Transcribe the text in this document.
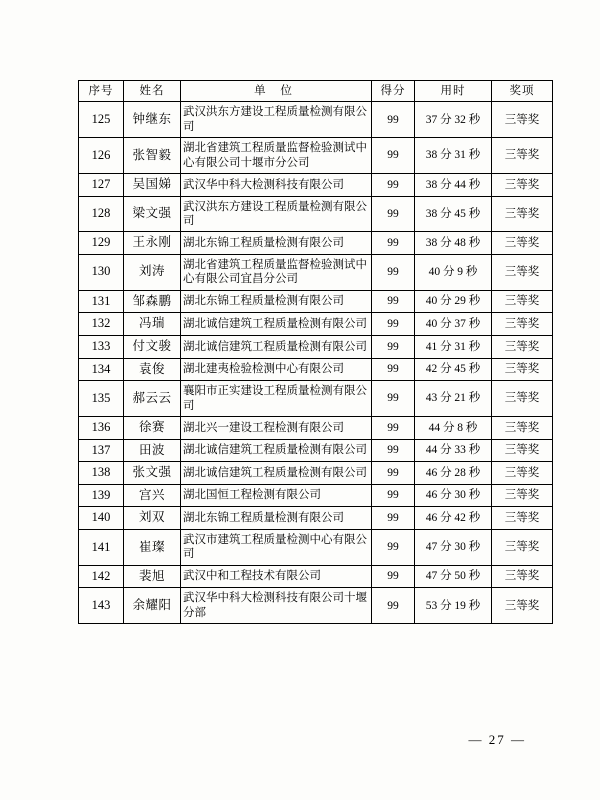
序号	姓名	单 位	得分	用时	奖项
125	钟继东	武汉洪东方建设工程质量检测有限公司	99	37 分 32 秒	三等奖
126	张智毅	湖北省建筑工程质量监督检验测试中心有限公司十堰市分公司	99	38 分 31 秒	三等奖
127	吴国娣	武汉华中科大检测科技有限公司	99	38 分 44 秒	三等奖
128	梁文强	武汉洪东方建设工程质量检测有限公司	99	38 分 45 秒	三等奖
129	王永刚	湖北东锦工程质量检测有限公司	99	38 分 48 秒	三等奖
130	刘涛	湖北省建筑工程质量监督检验测试中心有限公司宜昌分公司	99	40 分 9 秒	三等奖
131	邹森鹏	湖北东锦工程质量检测有限公司	99	40 分 29 秒	三等奖
132	冯瑞	湖北诚信建筑工程质量检测有限公司	99	40 分 37 秒	三等奖
133	付文骏	湖北诚信建筑工程质量检测有限公司	99	41 分 31 秒	三等奖
134	袁俊	湖北建夷检验检测中心有限公司	99	42 分 45 秒	三等奖
135	郝云云	襄阳市正实建设工程质量检测有限公司	99	43 分 21 秒	三等奖
136	徐赛	湖北兴一建设工程检测有限公司	99	44 分 8 秒	三等奖
137	田波	湖北诚信建筑工程质量检测有限公司	99	44 分 33 秒	三等奖
138	张文强	湖北诚信建筑工程质量检测有限公司	99	46 分 28 秒	三等奖
139	宫兴	湖北国恒工程检测有限公司	99	46 分 30 秒	三等奖
140	刘双	湖北东锦工程质量检测有限公司	99	46 分 42 秒	三等奖
141	崔璨	武汉市建筑工程质量检测中心有限公司	99	47 分 30 秒	三等奖
142	裴旭	武汉中和工程技术有限公司	99	47 分 50 秒	三等奖
143	余耀阳	武汉华中科大检测科技有限公司十堰分部	99	53 分 19 秒	三等奖
— 27 —
